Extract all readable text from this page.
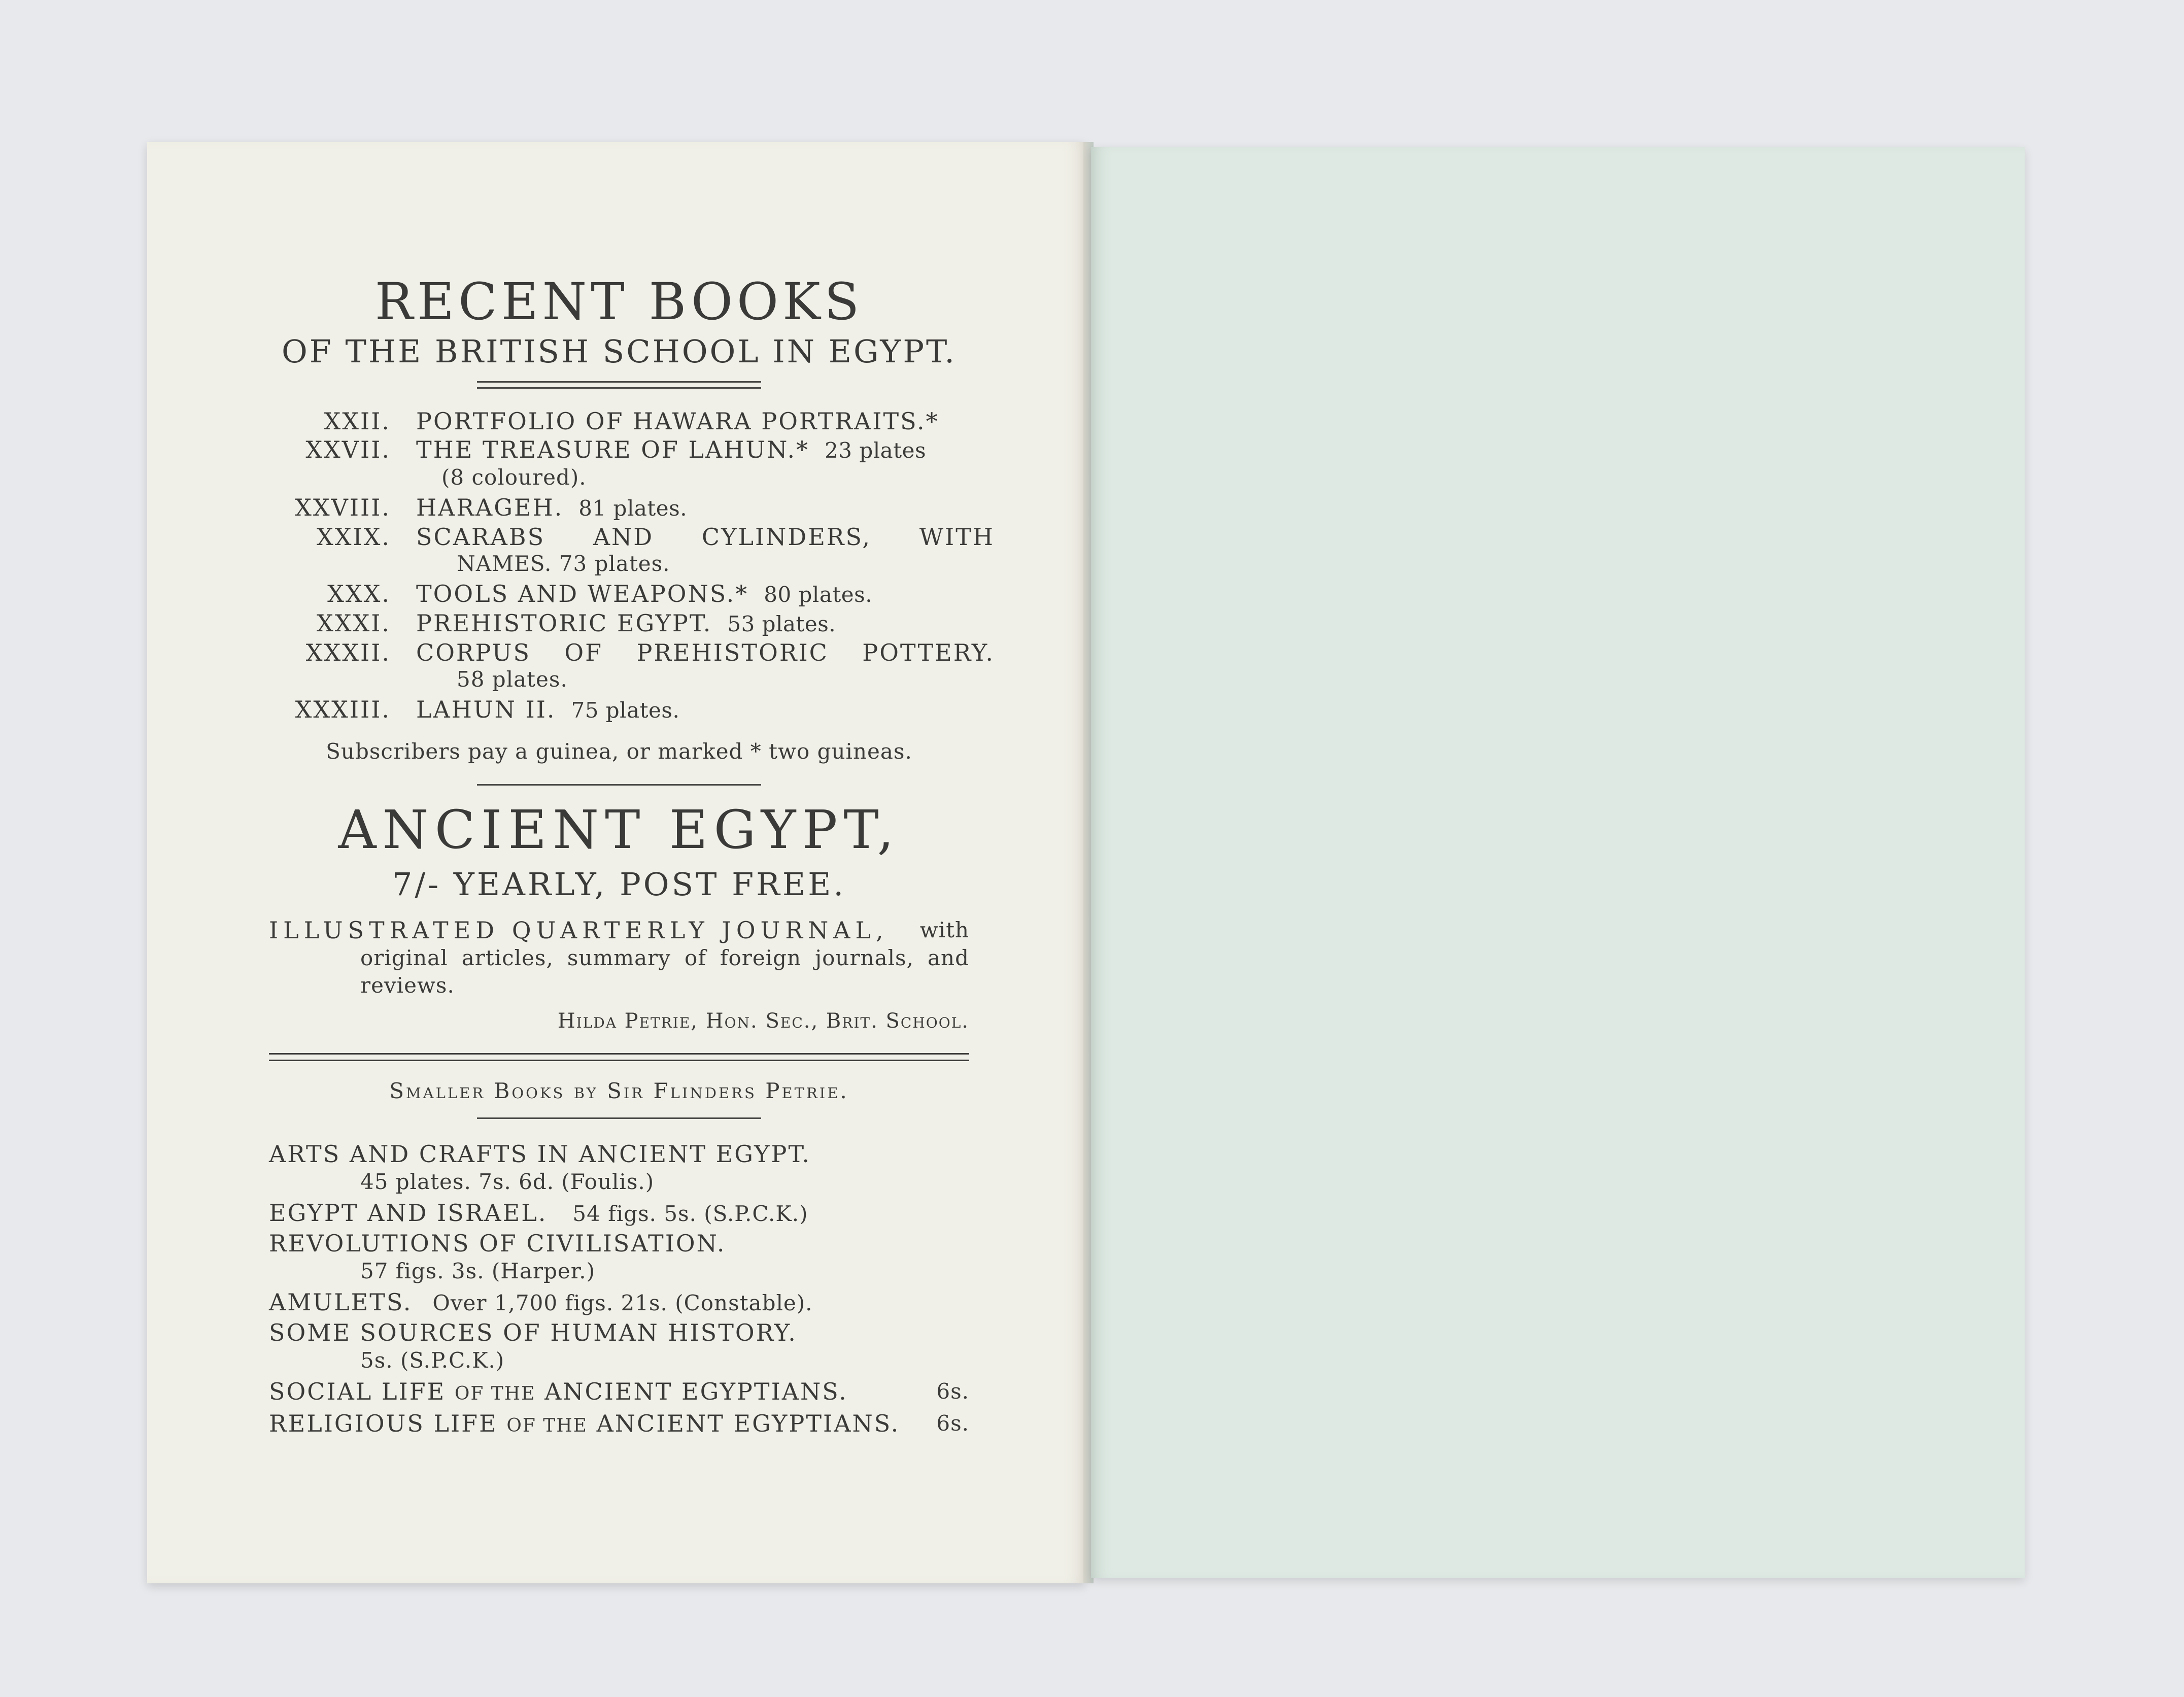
RECENT BOOKS
OF THE BRITISH SCHOOL IN EGYPT.
XXII.	PORTFOLIO OF HAWARA PORTRAITS.*
XXVII.	THE TREASURE OF LAHUN.* 23 plates
(8 coloured).
XXVIII.	HARAGEH. 81 plates.
XXIX.	SCARABS AND CYLINDERS, WITH
NAMES. 73 plates.
XXX.	TOOLS AND WEAPONS.* 80 plates.
XXXI.	PREHISTORIC EGYPT. 53 plates.
XXXII.	CORPUS OF PREHISTORIC POTTERY.
58 plates.
XXXIII.	LAHUN II. 75 plates.
Subscribers pay a guinea, or marked * two guineas.
ANCIENT EGYPT,
7/- YEARLY, POST FREE.
ILLUSTRATED QUARTERLY JOURNAL, with
original articles, summary of foreign journals, and reviews.
Hilda Petrie, Hon. Sec., Brit. School.
Smaller Books by Sir Flinders Petrie.
ARTS AND CRAFTS IN ANCIENT EGYPT.
45 plates. 7s. 6d. (Foulis.)
EGYPT AND ISRAEL. 54 figs. 5s. (S.P.C.K.)
REVOLUTIONS OF CIVILISATION.
57 figs. 3s. (Harper.)
AMULETS. Over 1,700 figs. 21s. (Constable).
SOME SOURCES OF HUMAN HISTORY.
5s. (S.P.C.K.)
SOCIAL LIFE OF THE ANCIENT EGYPTIANS.	6s.
RELIGIOUS LIFE OF THE ANCIENT EGYPTIANS. 6s.
